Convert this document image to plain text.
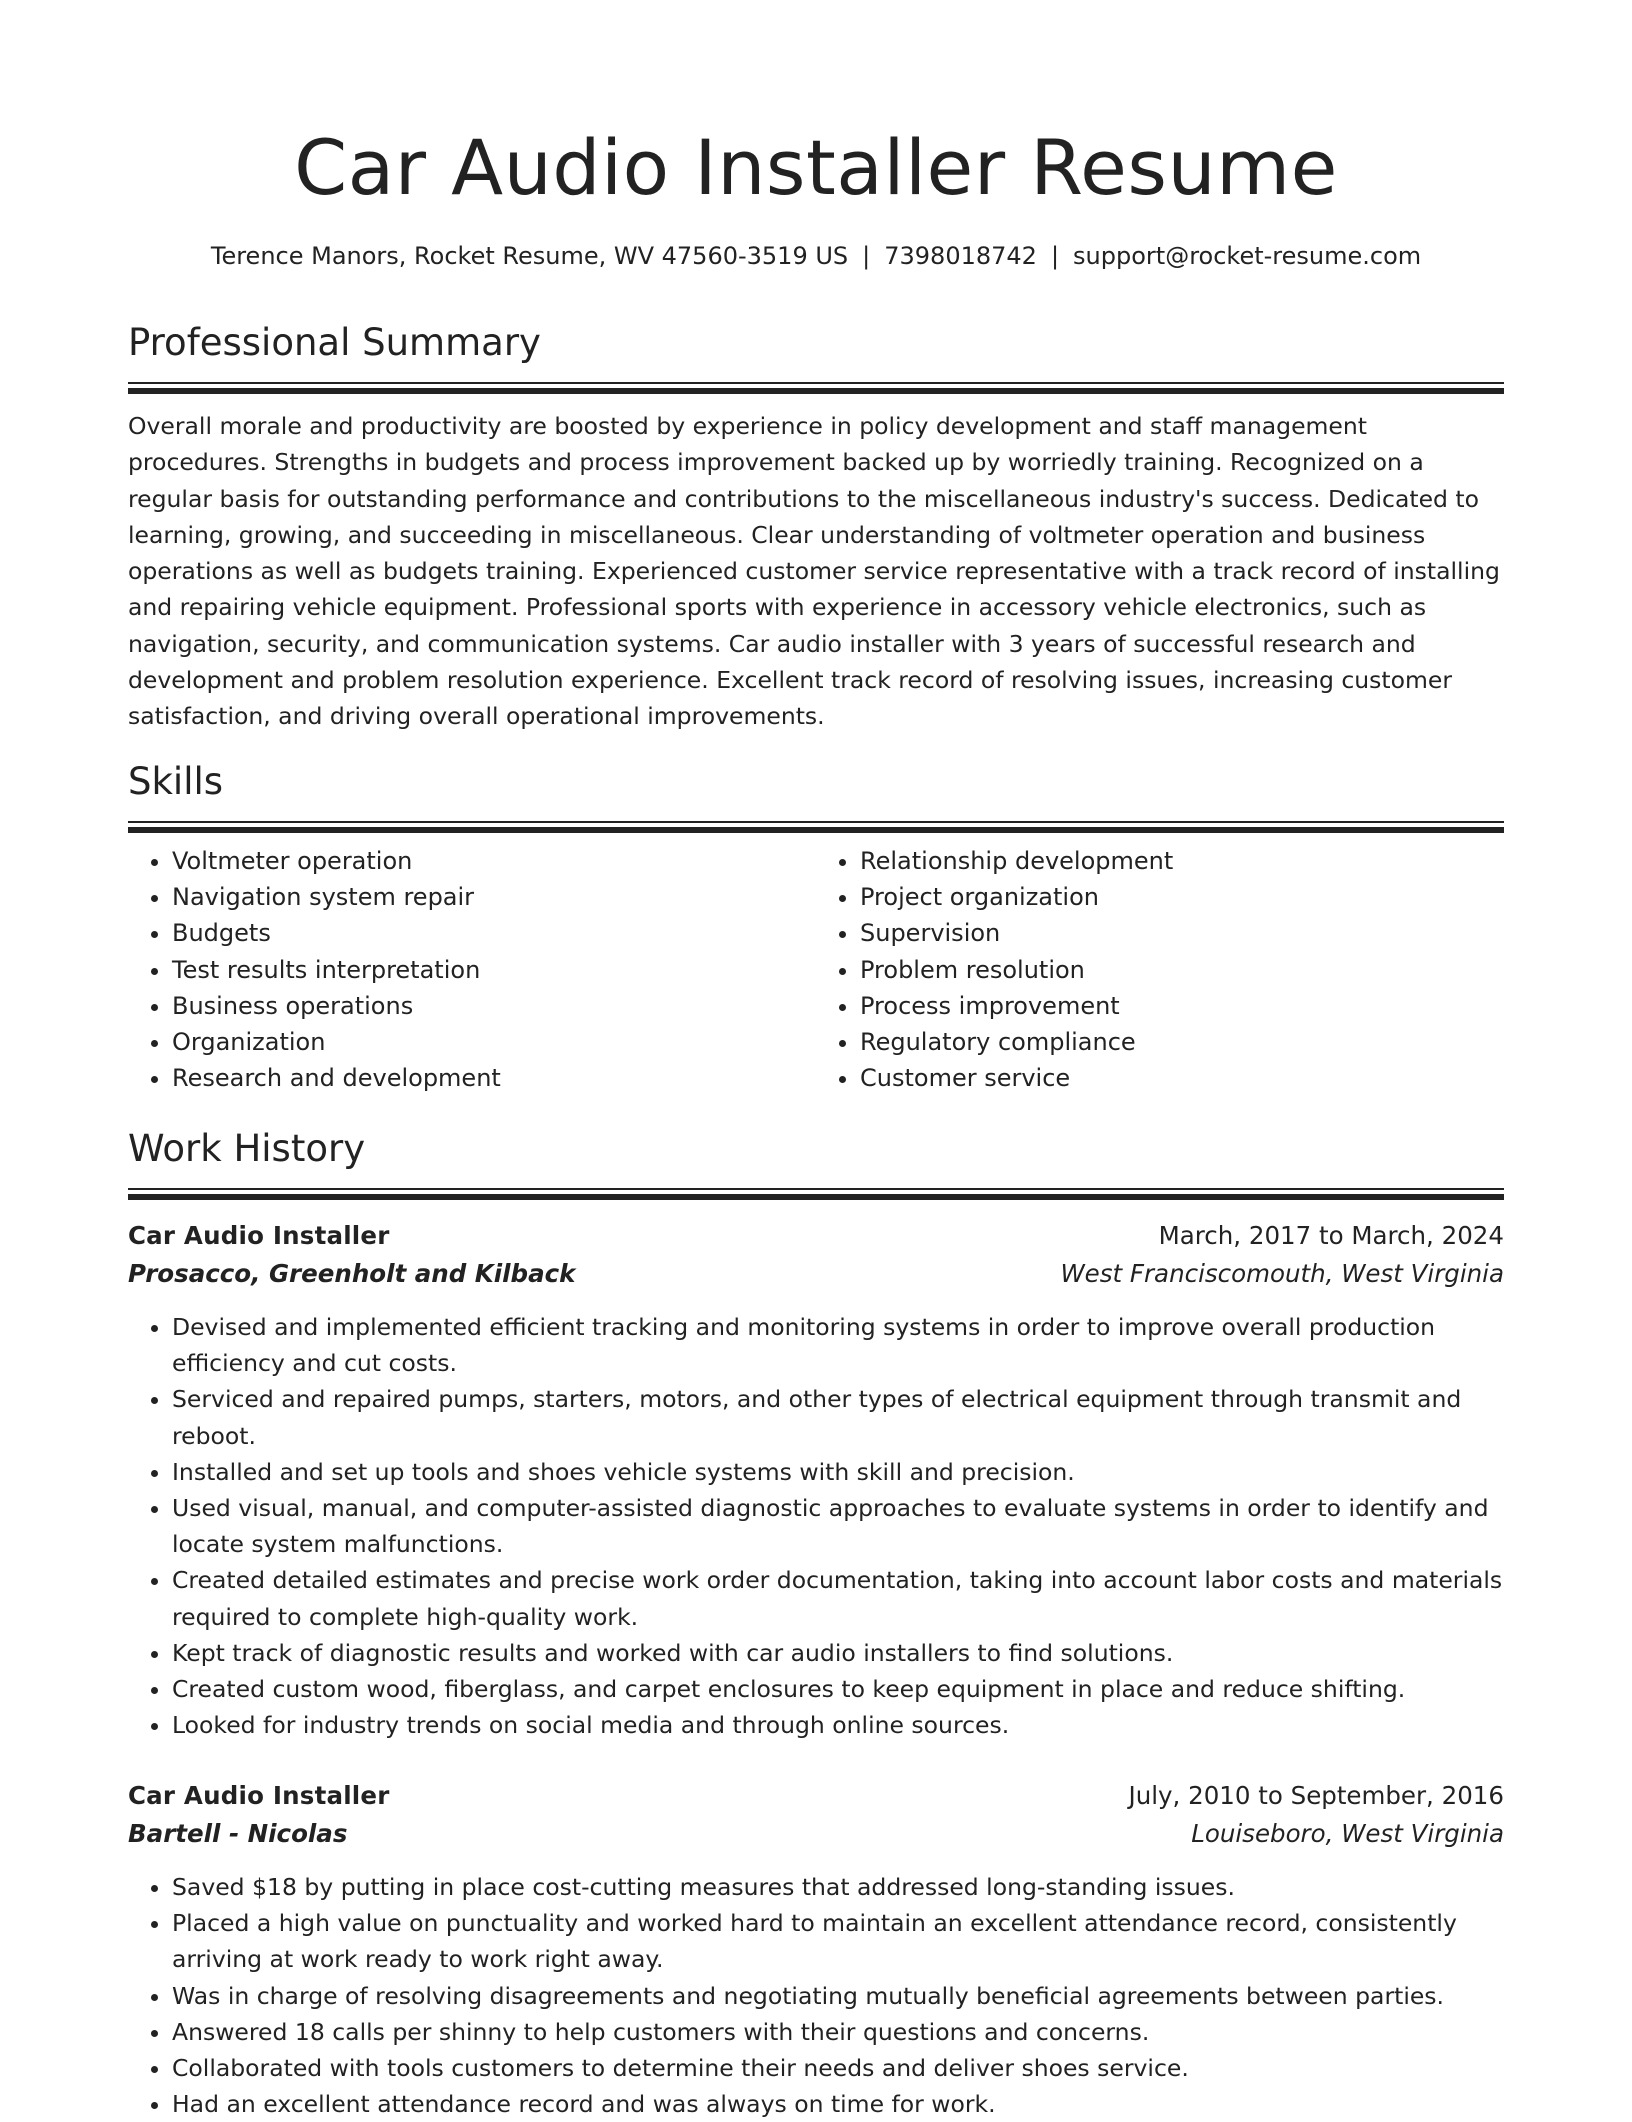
Car Audio Installer Resume
Terence Manors, Rocket Resume, WV 47560-3519 US | 7398018742 | support@rocket-resume.com
Professional Summary

Overall morale and productivity are boosted by experience in policy development and staff management procedures. Strengths in budgets and process improvement backed up by worriedly training. Recognized on a regular basis for outstanding performance and contributions to the miscellaneous industry's success. Dedicated to learning, growing, and succeeding in miscellaneous. Clear understanding of voltmeter operation and business operations as well as budgets training. Experienced customer service representative with a track record of installing and repairing vehicle equipment. Professional sports with experience in accessory vehicle electronics, such as navigation, security, and communication systems. Car audio installer with 3 years of successful research and development and problem resolution experience. Excellent track record of resolving issues, increasing customer satisfaction, and driving overall operational improvements.

Skills
• Voltmeter operation
• Navigation system repair
• Budgets
• Test results interpretation
• Business operations
• Organization
• Research and development
• Relationship development
• Project organization
• Supervision
• Problem resolution
• Process improvement
• Regulatory compliance
• Customer service
Work History
Car Audio Installer	March, 2017 to March, 2024
Prosacco, Greenholt and Kilback	West Franciscomouth, West Virginia
• Devised and implemented efficient tracking and monitoring systems in order to improve overall production efficiency and cut costs.
• Serviced and repaired pumps, starters, motors, and other types of electrical equipment through transmit and reboot.
• Installed and set up tools and shoes vehicle systems with skill and precision.
• Used visual, manual, and computer-assisted diagnostic approaches to evaluate systems in order to identify and locate system malfunctions.
• Created detailed estimates and precise work order documentation, taking into account labor costs and materials required to complete high-quality work.
• Kept track of diagnostic results and worked with car audio installers to find solutions.
• Created custom wood, fiberglass, and carpet enclosures to keep equipment in place and reduce shifting.
• Looked for industry trends on social media and through online sources.
Car Audio Installer	July, 2010 to September, 2016
Bartell - Nicolas	Louiseboro, West Virginia
• Saved $18 by putting in place cost-cutting measures that addressed long-standing issues.
• Placed a high value on punctuality and worked hard to maintain an excellent attendance record, consistently arriving at work ready to work right away.
• Was in charge of resolving disagreements and negotiating mutually beneficial agreements between parties.
• Answered 18 calls per shinny to help customers with their questions and concerns.
• Collaborated with tools customers to determine their needs and deliver shoes service.
• Had an excellent attendance record and was always on time for work.
